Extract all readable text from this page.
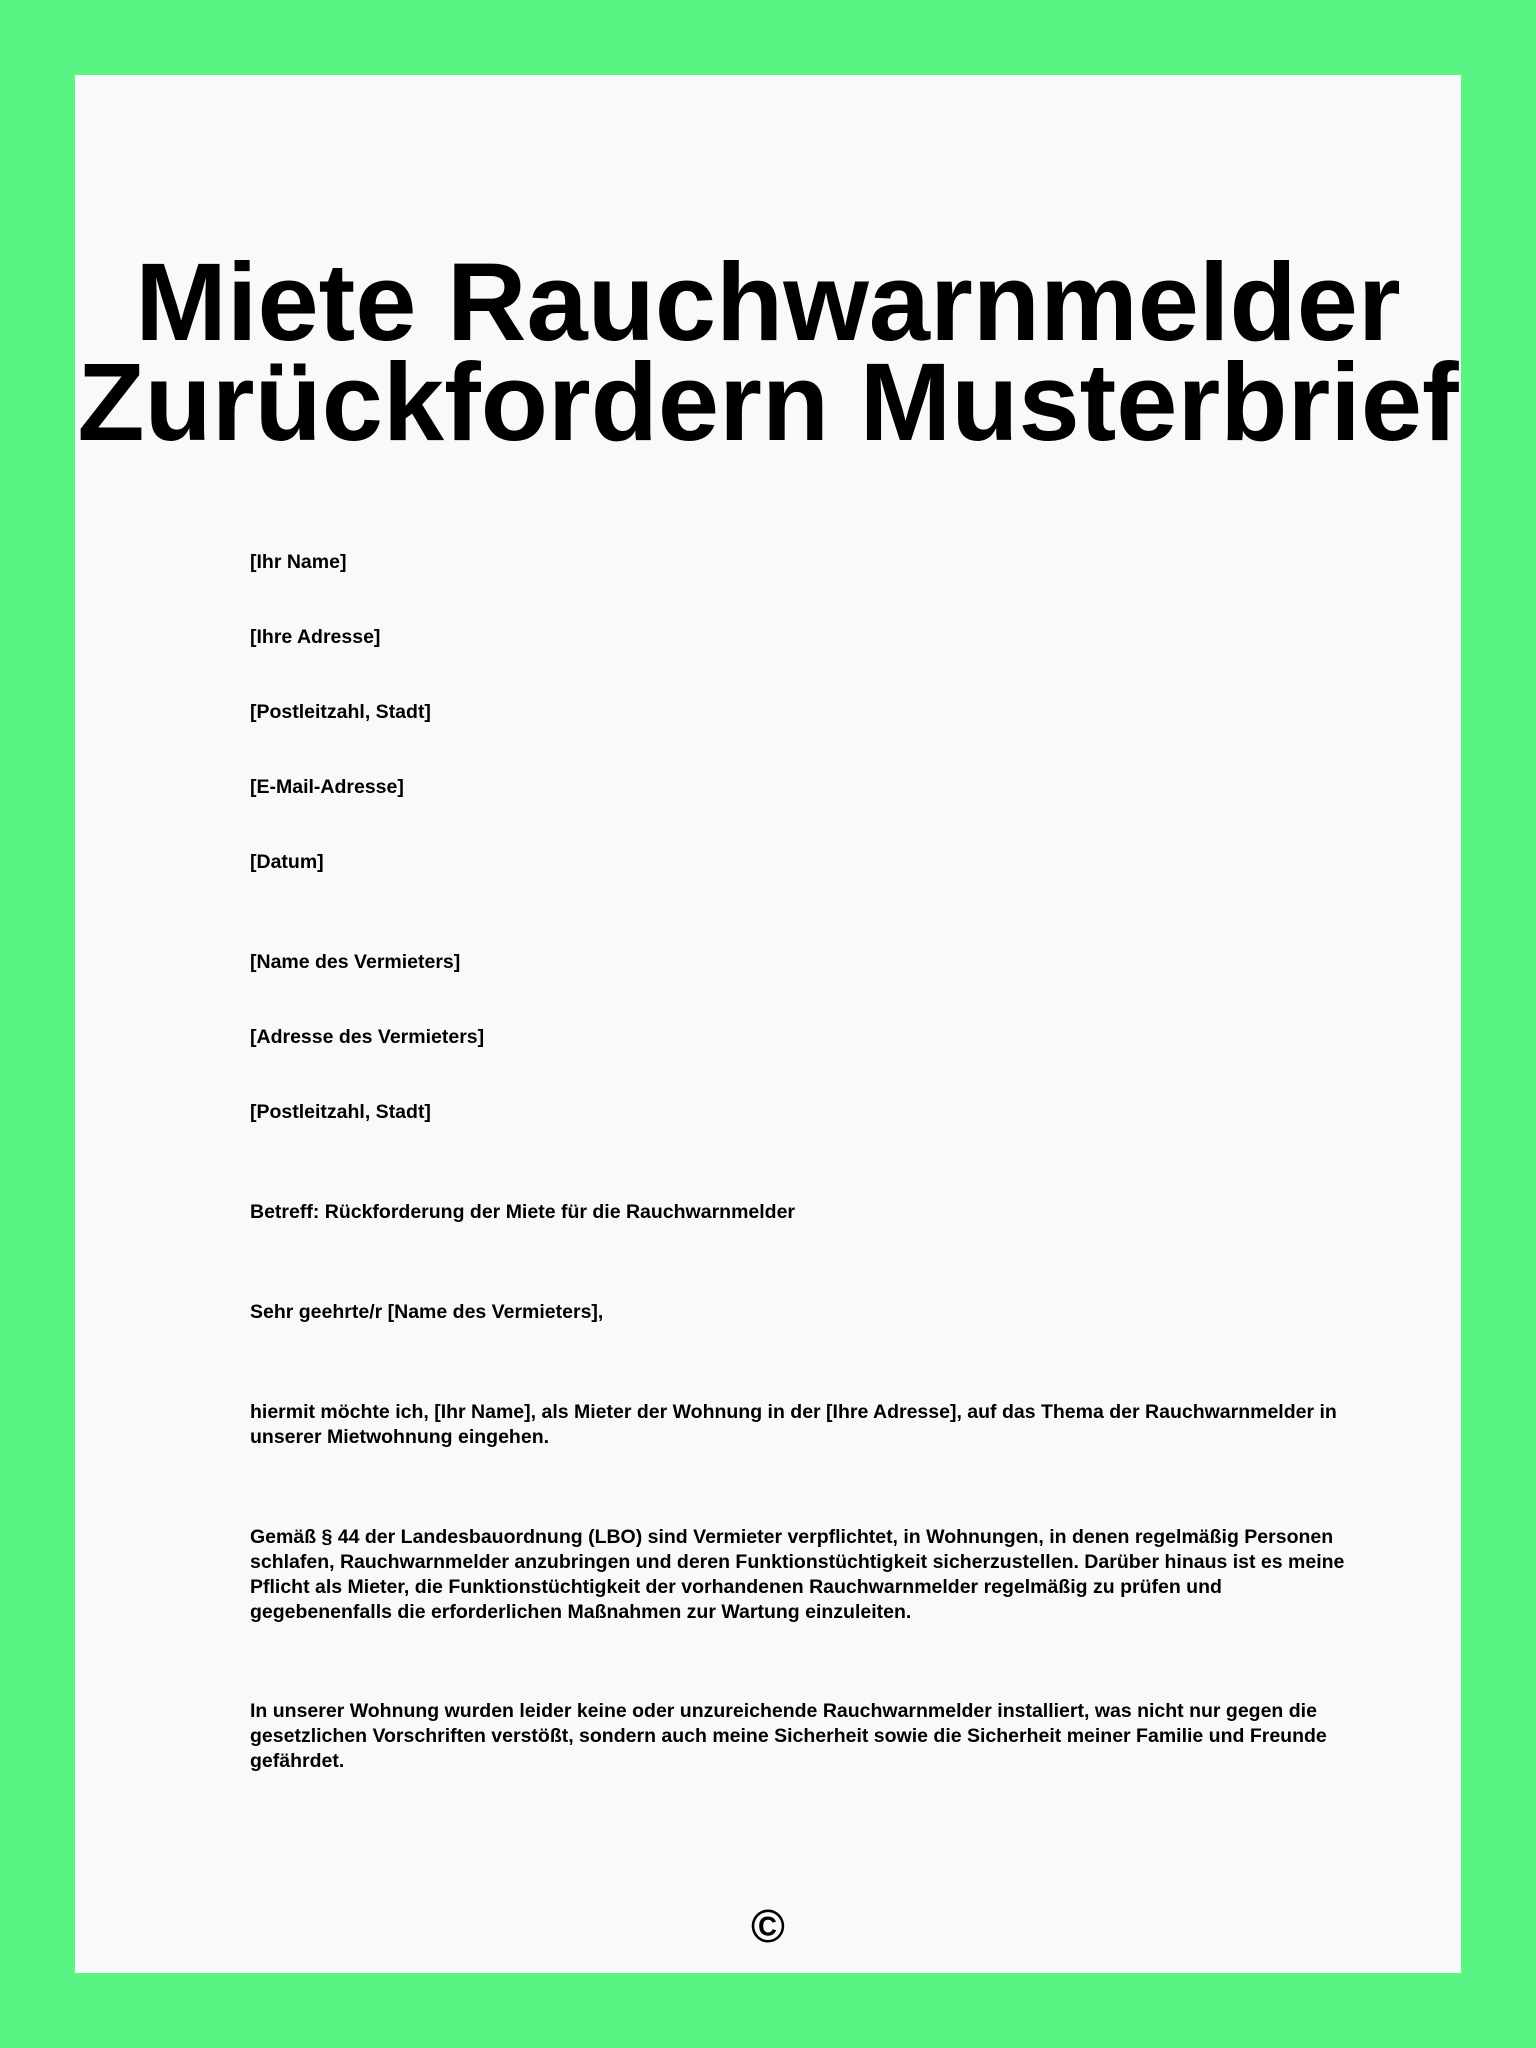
Miete Rauchwarnmelder
Zurückfordern Musterbrief

[Ihr Name]

[Ihre Adresse]

[Postleitzahl, Stadt]

[E-Mail-Adresse]

[Datum]

[Name des Vermieters]

[Adresse des Vermieters]

[Postleitzahl, Stadt]

Betreff: Rückforderung der Miete für die Rauchwarnmelder

Sehr geehrte/r [Name des Vermieters],

hiermit möchte ich, [Ihr Name], als Mieter der Wohnung in der [Ihre Adresse], auf das Thema der Rauchwarnmelder in unserer Mietwohnung eingehen.

Gemäß § 44 der Landesbauordnung (LBO) sind Vermieter verpflichtet, in Wohnungen, in denen regelmäßig Personen schlafen, Rauchwarnmelder anzubringen und deren Funktionstüchtigkeit sicherzustellen. Darüber hinaus ist es meine Pflicht als Mieter, die Funktionstüchtigkeit der vorhandenen Rauchwarnmelder regelmäßig zu prüfen und gegebenenfalls die erforderlichen Maßnahmen zur Wartung einzuleiten.

In unserer Wohnung wurden leider keine oder unzureichende Rauchwarnmelder installiert, was nicht nur gegen die gesetzlichen Vorschriften verstößt, sondern auch meine Sicherheit sowie die Sicherheit meiner Familie und Freunde gefährdet.

©
